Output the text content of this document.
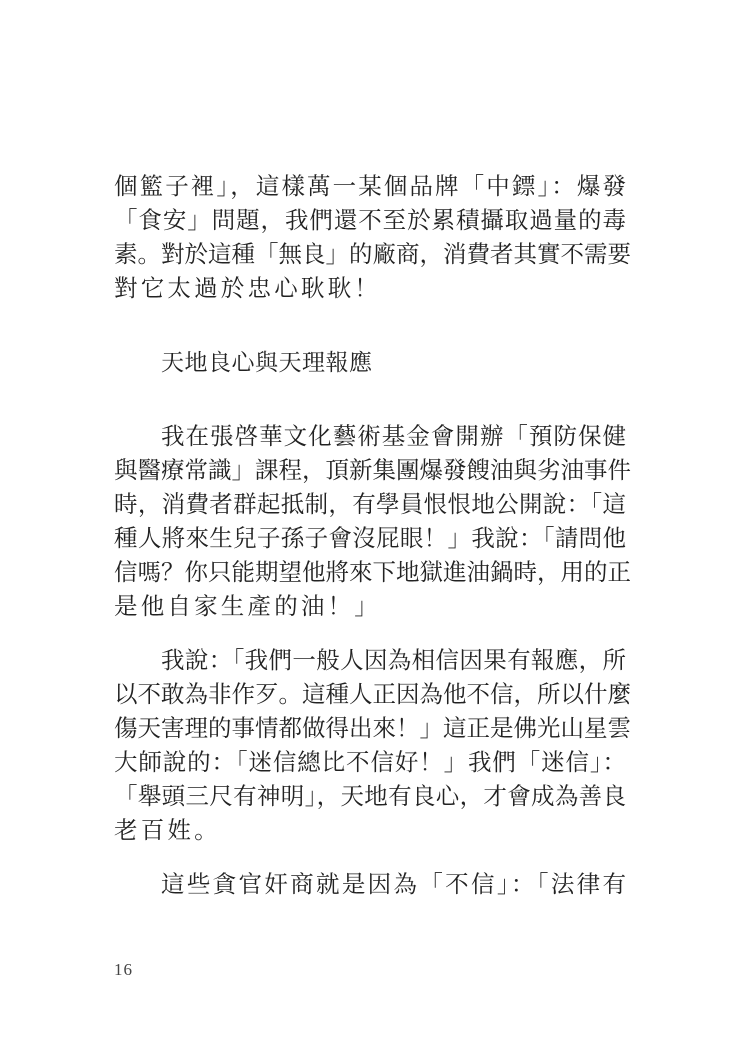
個籃子裡」，這樣萬一某個品牌「中鏢」：爆發
「食安」問題，我們還不至於累積攝取過量的毒
素。對於這種「無良」的廠商，消費者其實不需要
對它太過於忠心耿耿！
天地良心與天理報應
我在張啓華文化藝術基金會開辦「預防保健
與醫療常識」課程，頂新集團爆發餿油與劣油事件
時，消費者群起抵制，有學員恨恨地公開說：「這
種人將來生兒子孫子會沒屁眼！」我說：「請問他
信嗎？你只能期望他將來下地獄進油鍋時，用的正
是他自家生產的油！」
我說：「我們一般人因為相信因果有報應，所
以不敢為非作歹。這種人正因為他不信，所以什麼
傷天害理的事情都做得出來！」這正是佛光山星雲
大師說的：「迷信總比不信好！」我們「迷信」：
「舉頭三尺有神明」，天地有良心，才會成為善良
老百姓。
這些貪官奸商就是因為「不信」：「法律有
16
